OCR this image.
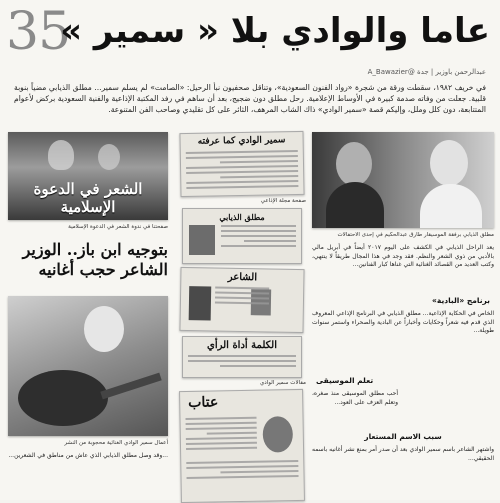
35	عاما والوادي بلا « سمير »
عبدالرحمن باوزير | جدة @A_Bawazier
في خريف ١٩٨٢، سقطت ورقة من شجرة «رواد الفنون السعودية»، وتناقل صحفيون نبأ الرحيل: «الصامت» لم يسلم سمير... مطلق الذيابي مضياً بنوبة قلبية. جعلت من وفاته صدمة كبيرة في الأوساط الإعلامية. رحل مطلق دون ضجيج، بعد أن ساهم في رفد المكتبة الإذاعية والفنية السعودية بركض لأعوام المتتابعة، دون كلل وملل، وإليكم قصة «سمير الوادي» ذاك الشاب المرهف، الثائر على كل تقليدي وصاحب الفن المتنوعة.
الشعر في الدعوة الإسلامية
صفحتنا في ندوة الشعر في الدعوة الإسلامية
بتوجيه ابن باز.. الوزير الشاعر حجب أغانيه
أعمال سمير الوادي الغنائية محجوبة من النشر
...وقد وصل مطلق الذيابي الذي عاش من مناطق في الشعرين...
سمير الوادي كما عرفته
صفحة مجلة الإذاعي
مطلق الذيابي
الشاعر
الكلمة أداة الرأي
مقالات سمير الوادي
عتاب
مطلق الذيابي برفقة الموسيقار طارق عبدالحكيم في إحدى الاحتفالات
يعد الراحل الذيابي في الكشف على اليوم ٢٠١٧ أيضاً في أبريل مالي بالأدبي من ذوي الشعر والنظم. فقد وجد في هذا المجال طريقاً لا ينتهي، وكتب العديد من القصائد الغنائية التي غناها كبار الفنانين...
برنامج «البادية»
الخاص في الحكاية الإذاعية... مطلق الذيابي في البرنامج الإذاعي المعروف الذي قدم فيه شعراً وحكايات وأخباراً عن البادية والصحراء واستمر سنوات طويلة...
تعلم الموسيقى
أحب مطلق الموسيقى منذ صغره، وتعلم العزف على العود...
سبب الاسم المستعار
واشتهر الشاعر باسم سمير الوادي بعد أن صدر أمر بمنع نشر أغانيه باسمه الحقيقي...
